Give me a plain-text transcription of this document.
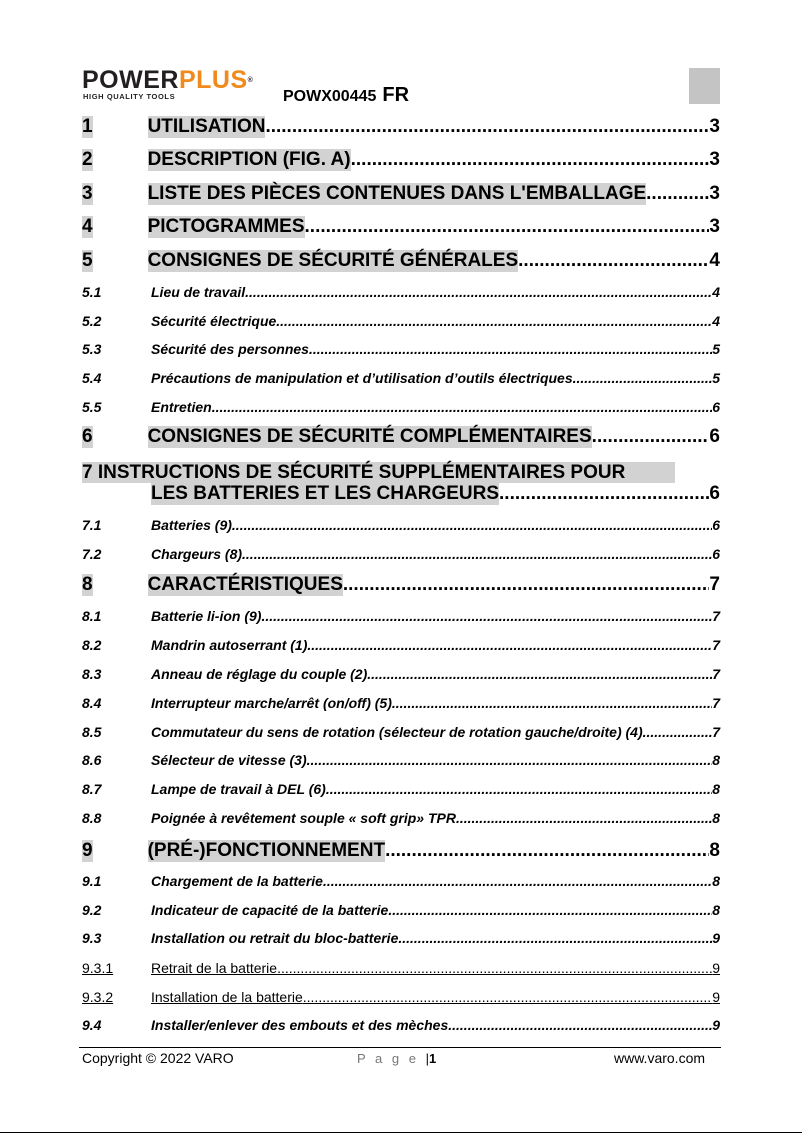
POWERPLUS®
HIGH QUALITY TOOLS	POWX00445 FR
1	UTILISATION .....	3
2	DESCRIPTION (FIG. A) .....	3
3	LISTE DES PIÈCES CONTENUES DANS L'EMBALLAGE .....	3
4	PICTOGRAMMES .....	3
5	CONSIGNES DE SÉCURITÉ GÉNÉRALES .....	4
5.1	Lieu de travail .....	4
5.2	Sécurité électrique .....	4
5.3	Sécurité des personnes .....	5
5.4	Précautions de manipulation et d’utilisation d’outils électriques .....	5
5.5	Entretien .....	6
6	CONSIGNES DE SÉCURITÉ COMPLÉMENTAIRES .....	6
7 INSTRUCTIONS DE SÉCURITÉ SUPPLÉMENTAIRES POUR
LES BATTERIES ET LES CHARGEURS .....	6
7.1	Batteries (9) .....	6
7.2	Chargeurs (8) .....	6
8	CARACTÉRISTIQUES .....	7
8.1	Batterie li-ion (9) .....	7
8.2	Mandrin autoserrant (1) .....	7
8.3	Anneau de réglage du couple (2) .....	7
8.4	Interrupteur marche/arrêt (on/off) (5) .....	7
8.5	Commutateur du sens de rotation (sélecteur de rotation gauche/droite) (4) .....	7
8.6	Sélecteur de vitesse (3) .....	8
8.7	Lampe de travail à DEL (6) .....	8
8.8	Poignée à revêtement souple « soft grip» TPR. .....	8
9	(PRÉ-)FONCTIONNEMENT .....	8
9.1	Chargement de la batterie .....	8
9.2	Indicateur de capacité de la batterie .....	8
9.3	Installation ou retrait du bloc-batterie .....	9
9.3.1	Retrait de la batterie .....	9
9.3.2	Installation de la batterie .....	9
9.4	Installer/enlever des embouts et des mèches .....	9
Copyright © 2022 VARO	P a g e |1	www.varo.com
